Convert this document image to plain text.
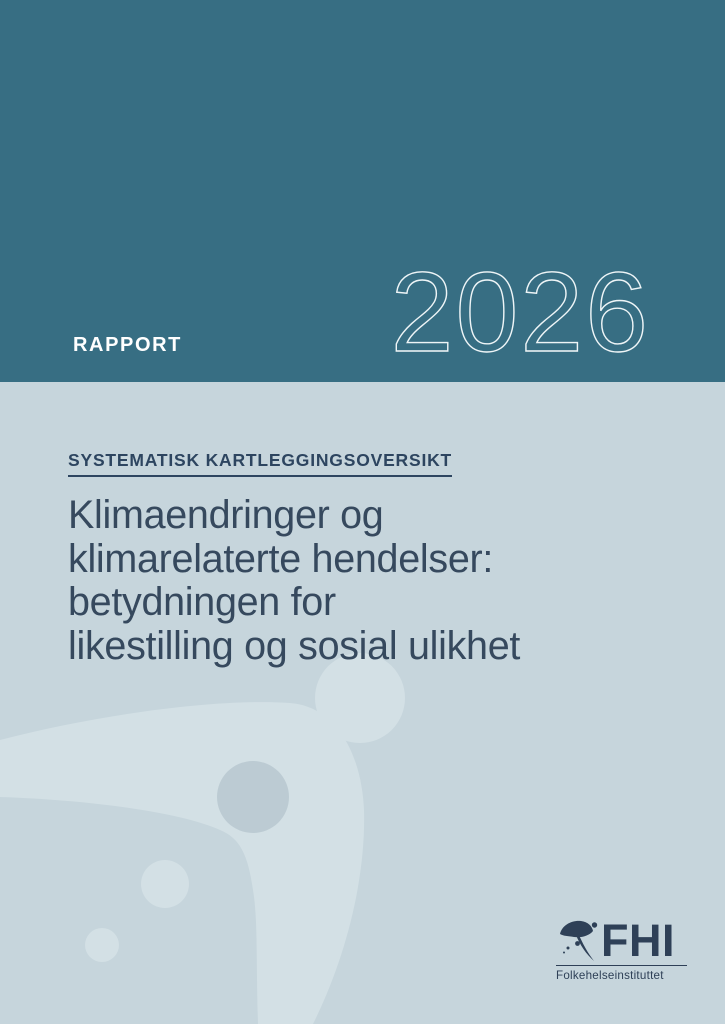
2026
RAPPORT
SYSTEMATISK KARTLEGGINGSOVERSIKT
Klimaendringer og
klimarelaterte hendelser:
betydningen for
likestilling og sosial ulikhet
FHI
Folkehelseinstituttet
